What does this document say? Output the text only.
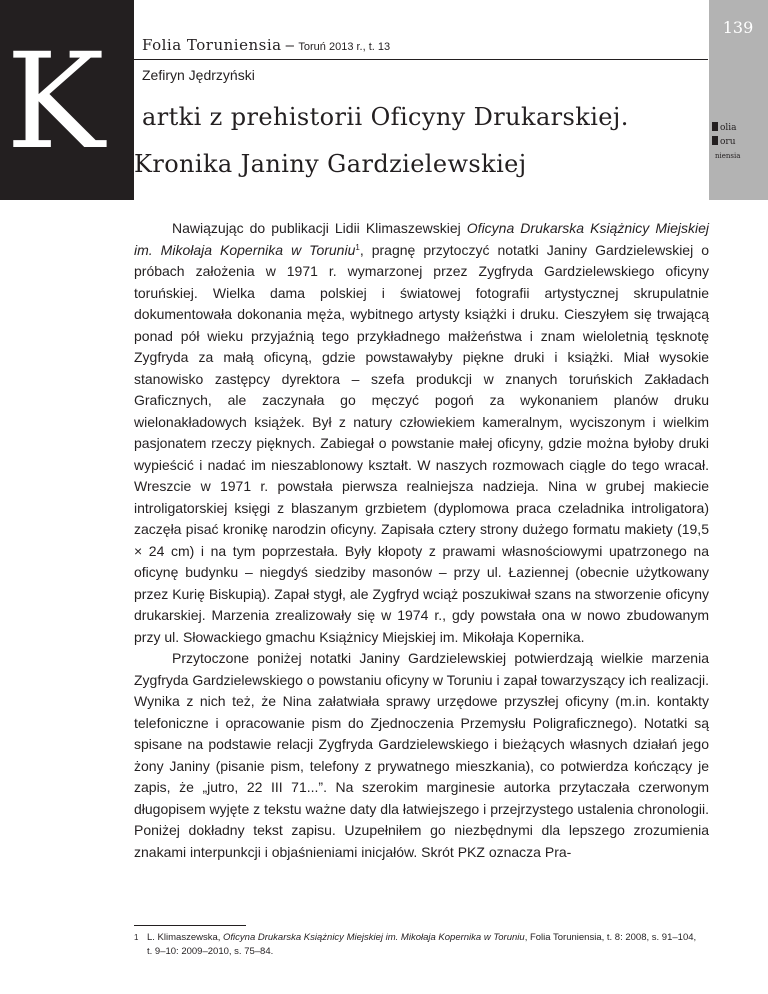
K Folia Toruniensia – Toruń 2013 r., t. 13
Zefiryn Jędrzyński
artki z prehistorii Oficyny Drukarskiej.
Kronika Janiny Gardzielewskiej
139
olia
oru
niensia

Nawiązując do publikacji Lidii Klimaszewskiej Oficyna Drukarska Książnicy Miejskiej im. Mikołaja Kopernika w Toruniu$^1$, pragnę przytoczyć notatki Janiny Gardzielewskiej o próbach założenia w 1971 r. wymarzonej przez Zygfryda Gardzielewskiego oficyny toruńskiej. Wielka dama polskiej i światowej fotografii artystycznej skrupulatnie dokumentowała dokonania męża, wybitnego artysty książki i druku. Cieszyłem się trwającą ponad pół wieku przyjaźnią tego przykładnego małżeństwa i znam wieloletnią tęsknotę Zygfryda za małą oficyną, gdzie powstawałyby piękne druki i książki. Miał wysokie stanowisko zastępcy dyrektora – szefa produkcji w znanych toruńskich Zakładach Graficznych, ale zaczynała go męczyć pogoń za wykonaniem planów druku wielonakładowych książek. Był z natury człowiekiem kameralnym, wyciszonym i wielkim pasjonatem rzeczy pięknych. Zabiegał o powstanie małej oficyny, gdzie można byłoby druki wypieścić i nadać im nieszablonowy kształt. W naszych rozmowach ciągle do tego wracał. Wreszcie w 1971 r. powstała pierwsza realniejsza nadzieja. Nina w grubej makiecie introligatorskiej księgi z blaszanym grzbietem (dyplomowa praca czeladnika introligatora) zaczęła pisać kronikę narodzin oficyny. Zapisała cztery strony dużego formatu makiety (19,5 × 24 cm) i na tym poprzestała. Były kłopoty z prawami własnościowymi upatrzonego na oficynę budynku – niegdyś siedziby masonów – przy ul. Łaziennej (obecnie użytkowany przez Kurię Biskupią). Zapał stygł, ale Zygfryd wciąż poszukiwał szans na stworzenie oficyny drukarskiej. Marzenia zrealizowały się w 1974 r., gdy powstała ona w nowo zbudowanym przy ul. Słowackiego gmachu Książnicy Miejskiej im. Mikołaja Kopernika.

Przytoczone poniżej notatki Janiny Gardzielewskiej potwierdzają wielkie marzenia Zygfryda Gardzielewskiego o powstaniu oficyny w Toruniu i zapał towarzyszący ich realizacji. Wynika z nich też, że Nina załatwiała sprawy urzędowe przyszłej oficyny (m.in. kontakty telefoniczne i opracowanie pism do Zjednoczenia Przemysłu Poligraficznego). Notatki są spisane na podstawie relacji Zygfryda Gardzielewskiego i bieżących własnych działań jego żony Janiny (pisanie pism, telefony z prywatnego mieszkania), co potwierdza kończący je zapis, że „jutro, 22 III 71...”. Na szerokim marginesie autorka przytaczała czerwonym długopisem wyjęte z tekstu ważne daty dla łatwiejszego i przejrzystego ustalenia chronologii. Poniżej dokładny tekst zapisu. Uzupełniłem go niezbędnymi dla lepszego zrozumienia znakami interpunkcji i objaśnieniami inicjałów. Skrót PKZ oznacza Pra-

1 L. Klimaszewska, Oficyna Drukarska Książnicy Miejskiej im. Mikołaja Kopernika w Toruniu, Folia Toruniensia, t. 8: 2008, s. 91–104, t. 9–10: 2009–2010, s. 75–84.
